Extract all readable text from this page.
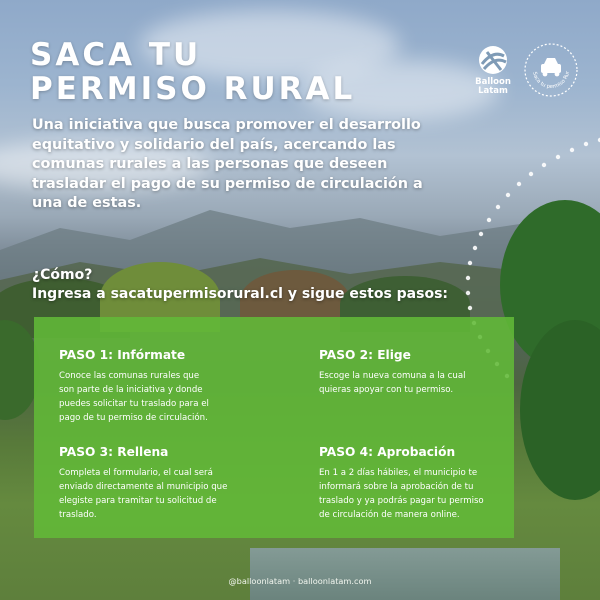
SACA TU
PERMISO RURAL	Balloon
Latam
Saca tu permiso Rur
Una iniciativa que busca promover el desarrollo equitativo y solidario del país, acercando las comunas rurales a las personas que deseen trasladar el pago de su permiso de circulación a una de estas.
¿Cómo?
Ingresa a sacatupermisorural.cl y sigue estos pasos:
PASO 1: Infórmate
Conoce las comunas rurales que son parte de la iniciativa y donde puedes solicitar tu traslado para el pago de tu permiso de circulación.
PASO 2: Elige
Escoge la nueva comuna a la cual quieras apoyar con tu permiso.
PASO 3: Rellena
Completa el formulario, el cual será enviado directamente al municipio que elegiste para tramitar tu solicitud de traslado.
PASO 4: Aprobación
En 1 a 2 días hábiles, el municipio te informará sobre la aprobación de tu traslado y ya podrás pagar tu permiso de circulación de manera online.
@balloonlatam · balloonlatam.com
